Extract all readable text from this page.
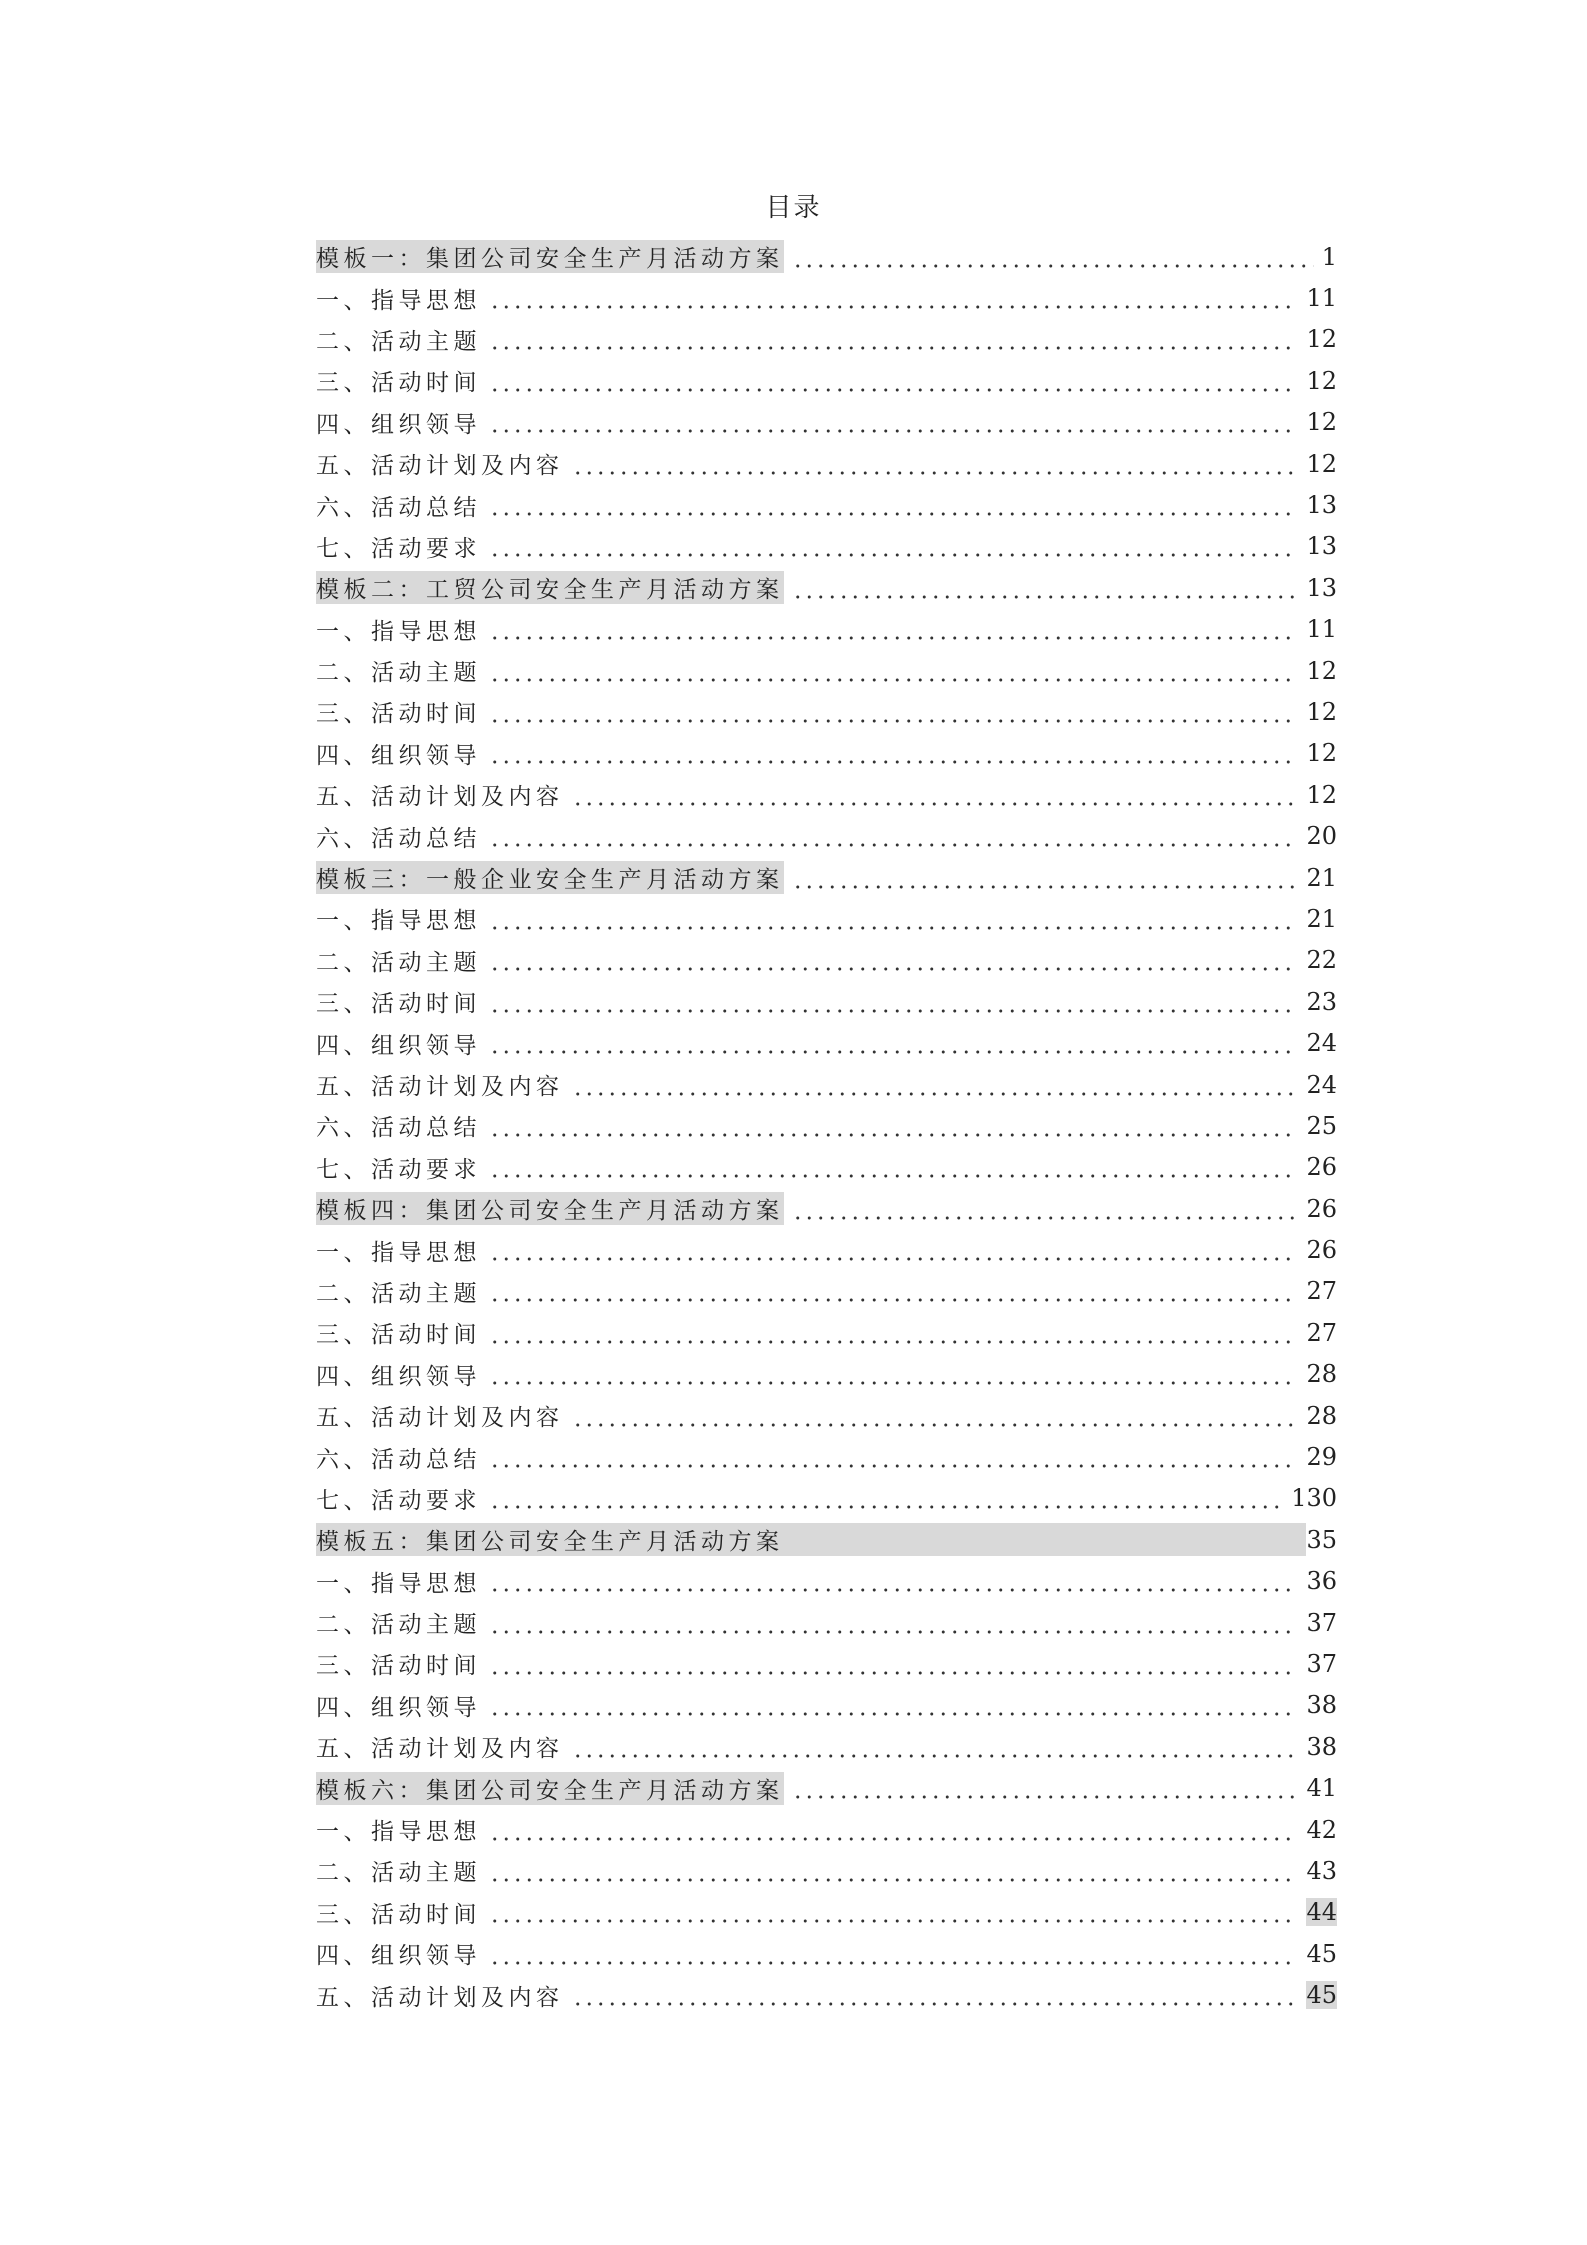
目录
模板一：集团公司安全生产月活动方案	1
一、指导思想	11
二、活动主题	12
三、活动时间	12
四、组织领导	12
五、活动计划及内容	12
六、活动总结	13
七、活动要求	13
模板二：工贸公司安全生产月活动方案	13
一、指导思想	11
二、活动主题	12
三、活动时间	12
四、组织领导	12
五、活动计划及内容	12
六、活动总结	20
模板三：一般企业安全生产月活动方案	21
一、指导思想	21
二、活动主题	22
三、活动时间	23
四、组织领导	24
五、活动计划及内容	24
六、活动总结	25
七、活动要求	26
模板四：集团公司安全生产月活动方案	26
一、指导思想	26
二、活动主题	27
三、活动时间	27
四、组织领导	28
五、活动计划及内容	28
六、活动总结	29
七、活动要求	130
模板五：集团公司安全生产月活动方案	35
一、指导思想	36
二、活动主题	37
三、活动时间	37
四、组织领导	38
五、活动计划及内容	38
模板六：集团公司安全生产月活动方案	41
一、指导思想	42
二、活动主题	43
三、活动时间	44
四、组织领导	45
五、活动计划及内容	45
